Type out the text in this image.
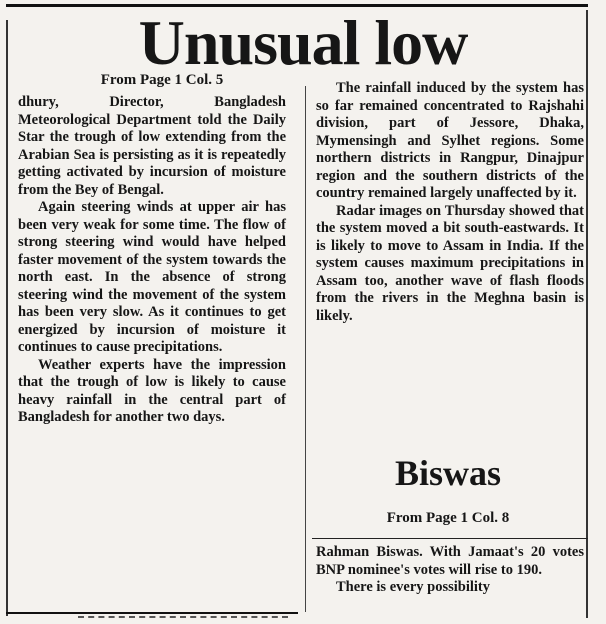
Unusual low
From Page 1 Col. 5

dhury, Director, Bangladesh Meteorological Department told the Daily Star the trough of low extending from the Arabian Sea is persisting as it is repeatedly getting activated by incursion of moisture from the Bey of Bengal.

Again steering winds at upper air has been very weak for some time. The flow of strong steering wind would have helped faster movement of the system towards the north east. In the absence of strong steering wind the movement of the system has been very slow. As it continues to get energized by incursion of moisture it continues to cause precipitations.

Weather experts have the impression that the trough of low is likely to cause heavy rainfall in the central part of Bangladesh for another two days.

The rainfall induced by the system has so far remained concentrated to Rajshahi division, part of Jessore, Dhaka, Mymensingh and Sylhet regions. Some northern districts in Rangpur, Dinajpur region and the southern districts of the country remained largely unaffected by it.

Radar images on Thursday showed that the system moved a bit south-eastwards. It is likely to move to Assam in India. If the system causes maximum precipitations in Assam too, another wave of flash floods from the rivers in the Meghna basin is likely.

Biswas
From Page 1 Col. 8

Rahman Biswas. With Jamaat's 20 votes BNP nominee's votes will rise to 190.

There is every possibility
